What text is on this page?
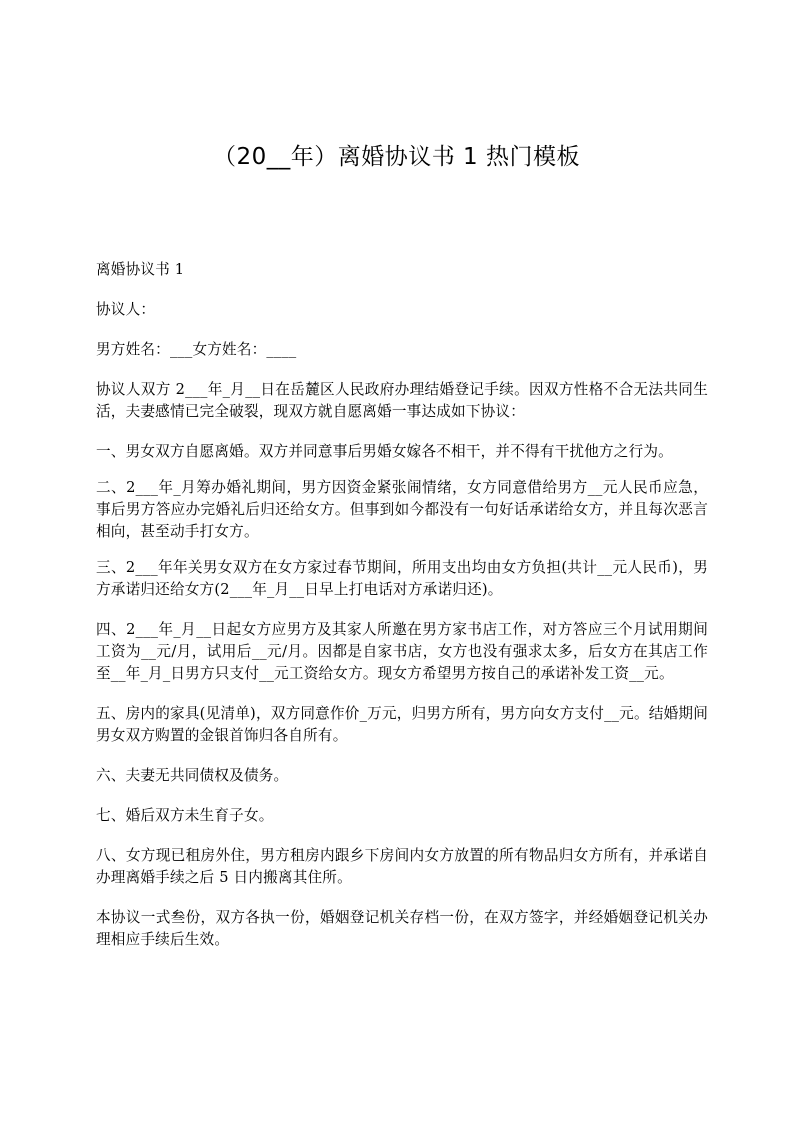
（20__年）离婚协议书 1 热门模板

离婚协议书 1

协议人：

男方姓名：___女方姓名：____

协议人双方 2___年_月__日在岳麓区人民政府办理结婚登记手续。因双方性格不合无法共同生活，夫妻感情已完全破裂，现双方就自愿离婚一事达成如下协议：

一、男女双方自愿离婚。双方并同意事后男婚女嫁各不相干，并不得有干扰他方之行为。

二、2___年_月筹办婚礼期间，男方因资金紧张闹情绪，女方同意借给男方__元人民币应急，事后男方答应办完婚礼后归还给女方。但事到如今都没有一句好话承诺给女方，并且每次恶言相向，甚至动手打女方。

三、2___年年关男女双方在女方家过春节期间，所用支出均由女方负担(共计__元人民币)，男方承诺归还给女方(2___年_月__日早上打电话对方承诺归还)。

四、2___年_月__日起女方应男方及其家人所邀在男方家书店工作，对方答应三个月试用期间工资为__元/月，试用后__元/月。因都是自家书店，女方也没有强求太多，后女方在其店工作至__年_月_日男方只支付__元工资给女方。现女方希望男方按自己的承诺补发工资__元。

五、房内的家具(见清单)，双方同意作价_万元，归男方所有，男方向女方支付__元。结婚期间男女双方购置的金银首饰归各自所有。

六、夫妻无共同债权及债务。

七、婚后双方未生育子女。

八、女方现已租房外住，男方租房内跟乡下房间内女方放置的所有物品归女方所有，并承诺自办理离婚手续之后 5 日内搬离其住所。

本协议一式叁份，双方各执一份，婚姻登记机关存档一份，在双方签字，并经婚姻登记机关办理相应手续后生效。
